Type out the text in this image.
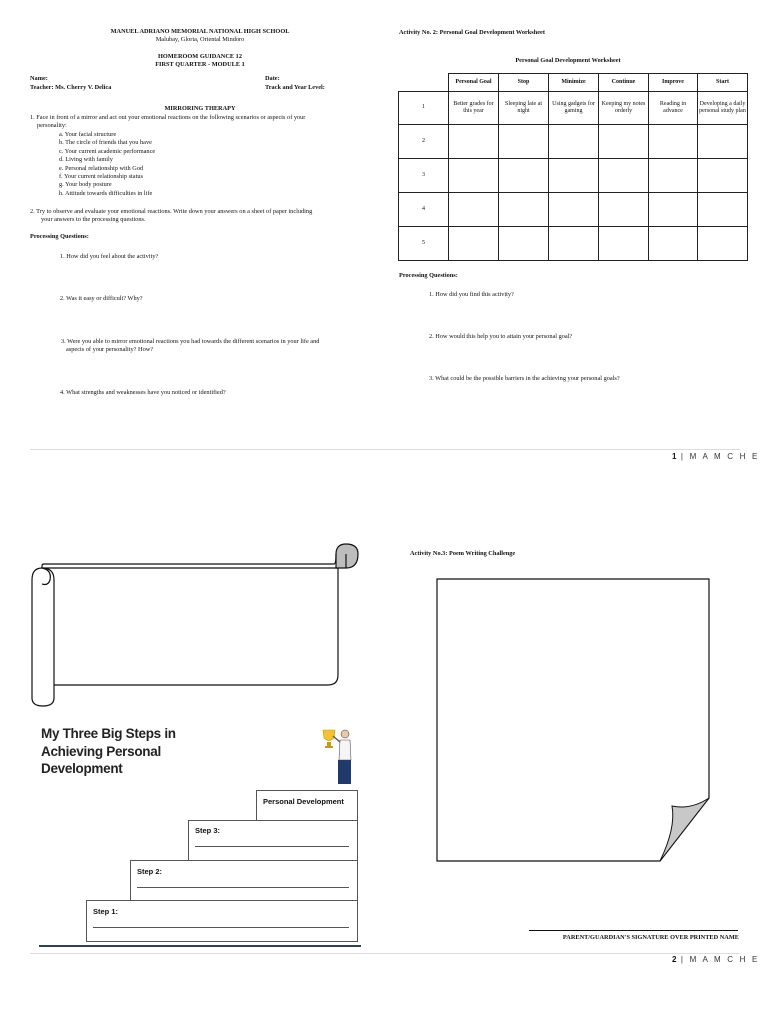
MANUEL ADRIANO MEMORIAL NATIONAL HIGH SCHOOL
Malubay, Gloria, Oriental Mindoro
HOMEROOM GUIDANCE 12
FIRST QUARTER - MODULE 1
Name:	Date:
Teacher: Ms. Cherry V. Delica	Track and Year Level:
MIRRORING THERAPY
1. Face in front of a mirror and act out your emotional reactions on the following scenarios or aspects of your
personality:
a. Your facial structure
b. The circle of friends that you have
c. Your current academic performance
d. Living with family
e. Personal relationship with God
f. Your current relationship status
g. Your body posture
h. Attitude towards difficulties in life
2. Try to observe and evaluate your emotional reactions. Write down your answers on a sheet of paper including
your answers to the processing questions.
Processing Questions:
1. How did you feel about the activity?
2. Was it easy or difficult? Why?
3. Were you able to mirror emotional reactions you had towards the different scenarios in your life and
aspects of your personality? How?
4. What strengths and weaknesses have you noticed or identified?
Activity No. 2: Personal Goal Development Worksheet
Personal Goal Development Worksheet
	Personal Goal	Stop	Minimize	Continue	Improve	Start
1	Better grades for this year	Sleeping late at night	Using gadgets for gaming	Keeping my notes orderly	Reading in advance	Developing a daily personal study plan
2						
3						
4						
5						
Processing Questions:
1. How did you find this activity?
2. How would this help you to attain your personal goal?
3. What could be the possible barriers in the achieving your personal goals?
1 | M A M C H E
My Three Big Steps in
Achieving Personal
Development
Personal Development
Step 3:
Step 2:
Step 1:
Activity No.3: Poem Writing Challenge
PARENT/GUARDIAN'S SIGNATURE OVER PRINTED NAME
2 | M A M C H E
